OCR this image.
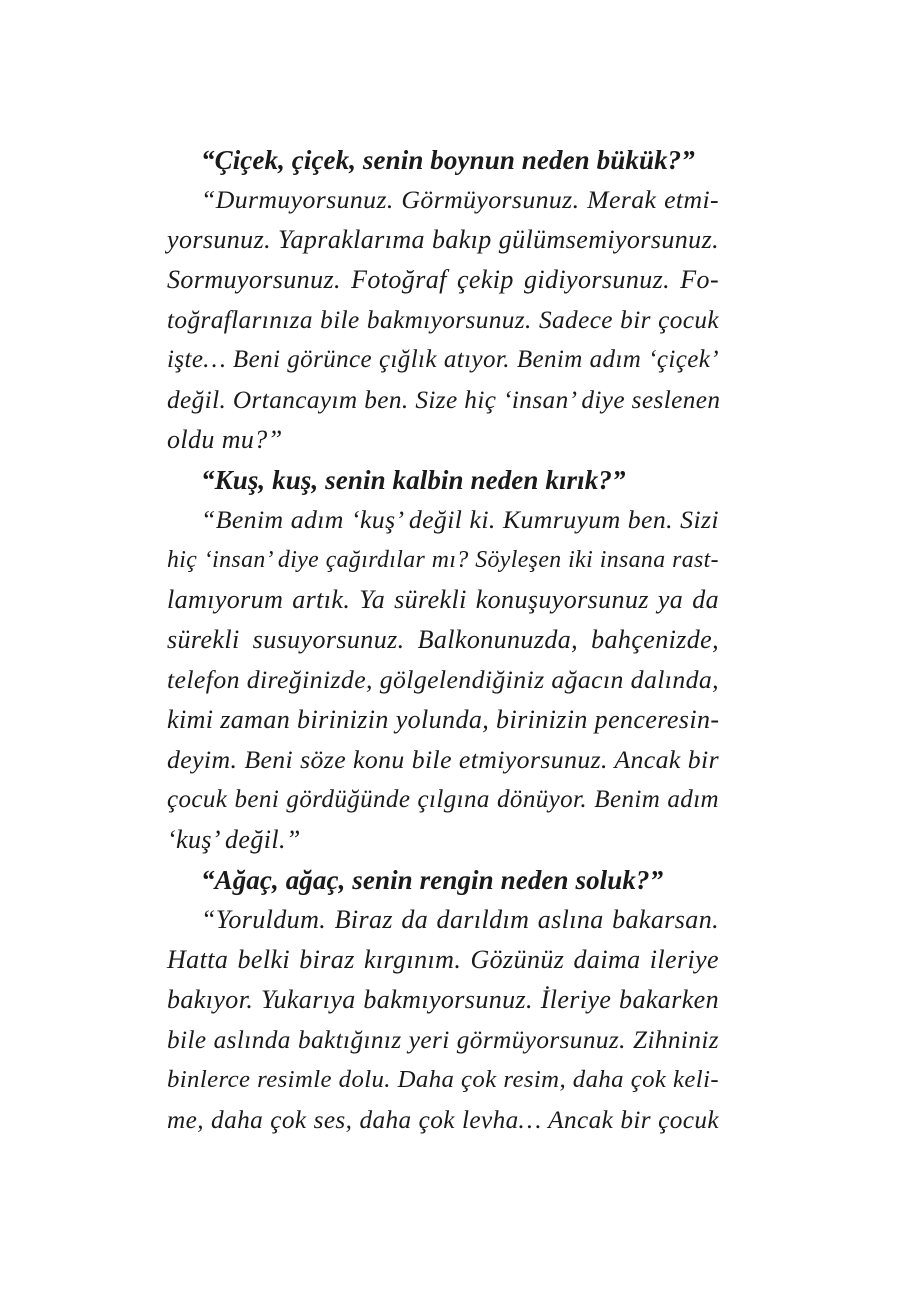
“Çiçek, çiçek, senin boynun neden bükük?”
“Durmuyorsunuz. Görmüyorsunuz. Merak etmi-
yorsunuz. Yapraklarıma bakıp gülümsemiyorsunuz.
Sormuyorsunuz. Fotoğraf çekip gidiyorsunuz. Fo-
toğraflarınıza bile bakmıyorsunuz. Sadece bir çocuk
işte… Beni görünce çığlık atıyor. Benim adım ‘çiçek’
değil. Ortancayım ben. Size hiç ‘insan’ diye seslenen
oldu mu?”
“Kuş, kuş, senin kalbin neden kırık?”
“Benim adım ‘kuş’ değil ki. Kumruyum ben. Sizi
hiç ‘insan’ diye çağırdılar mı? Söyleşen iki insana rast-
lamıyorum artık. Ya sürekli konuşuyorsunuz ya da
sürekli susuyorsunuz. Balkonunuzda, bahçenizde,
telefon direğinizde, gölgelendiğiniz ağacın dalında,
kimi zaman birinizin yolunda, birinizin penceresin-
deyim. Beni söze konu bile etmiyorsunuz. Ancak bir
çocuk beni gördüğünde çılgına dönüyor. Benim adım
‘kuş’ değil.”
“Ağaç, ağaç, senin rengin neden soluk?”
“Yoruldum. Biraz da darıldım aslına bakarsan.
Hatta belki biraz kırgınım. Gözünüz daima ileriye
bakıyor. Yukarıya bakmıyorsunuz. İleriye bakarken
bile aslında baktığınız yeri görmüyorsunuz. Zihniniz
binlerce resimle dolu. Daha çok resim, daha çok keli-
me, daha çok ses, daha çok levha… Ancak bir çocuk
